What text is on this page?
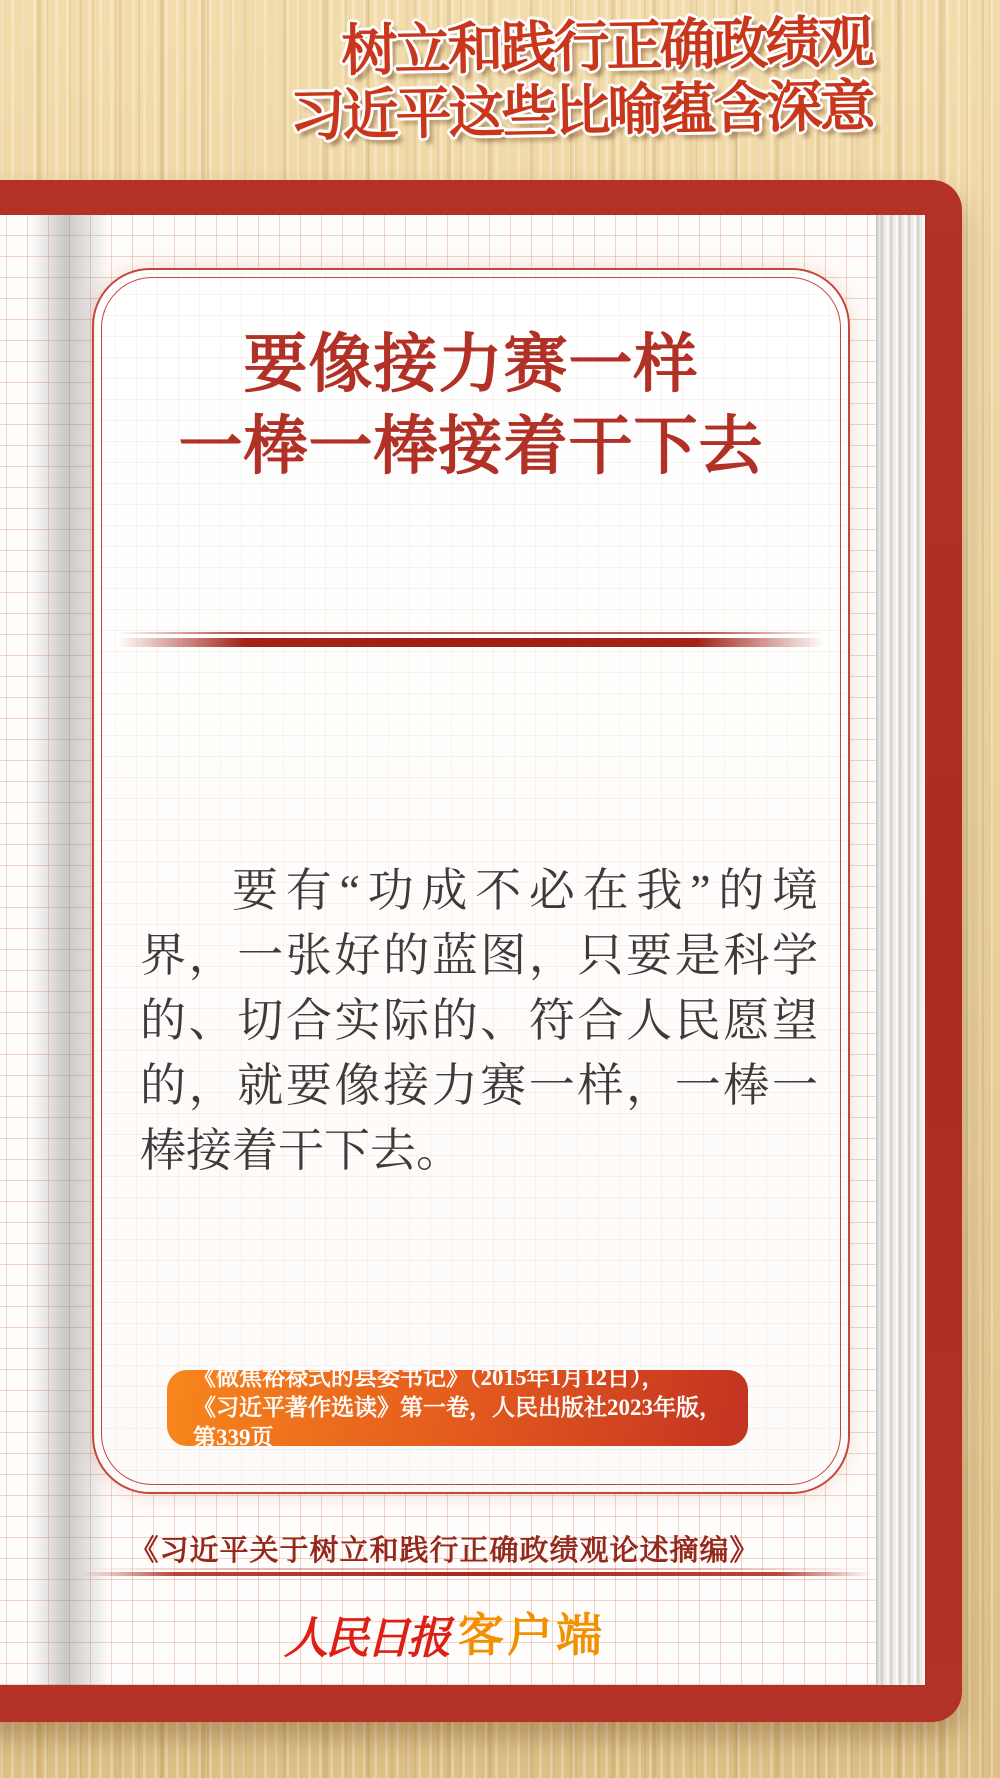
树立和践行正确政绩观
习近平这些比喻蕴含深意
要像接力赛一样
一棒一棒接着干下去

要有“功成不必在我”的境界，一张好的蓝图，只要是科学的、切合实际的、符合人民愿望的，就要像接力赛一样，一棒一棒接着干下去。

《做焦裕禄式的县委书记》（2015年1月12日），
《习近平著作选读》第一卷，人民出版社2023年版，第339页
《习近平关于树立和践行正确政绩观论述摘编》
人民日报 客户端
